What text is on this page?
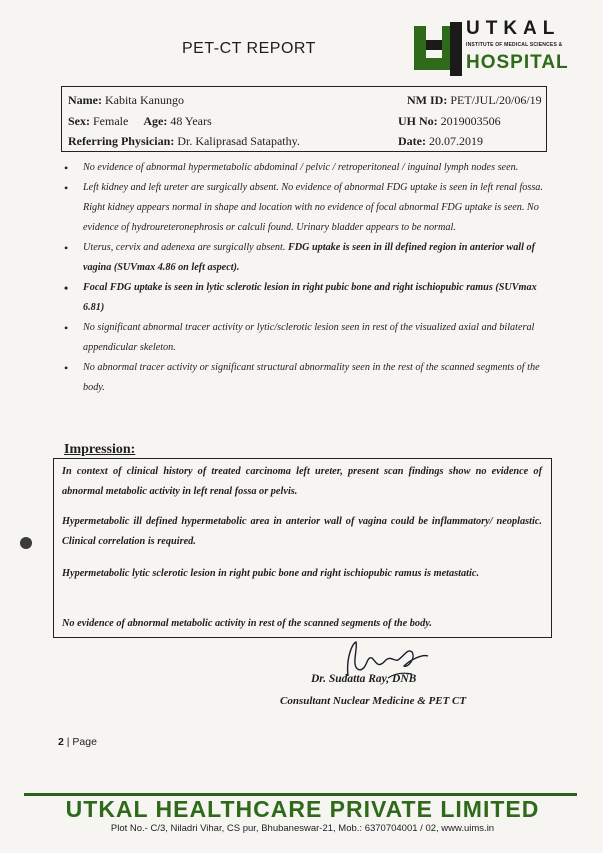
PET-CT REPORT
UTKAL
INSTITUTE OF MEDICAL SCIENCES &
HOSPITAL
Name: Kabita Kanungo	NM ID: PET/JUL/20/06/19
Sex: Female Age: 48 Years	UH No: 2019003506
Referring Physician: Dr. Kaliprasad Satapathy.	Date: 20.07.2019
• No evidence of abnormal hypermetabolic abdominal / pelvic / retroperitoneal / inguinal lymph nodes seen.
• Left kidney and left ureter are surgically absent. No evidence of abnormal FDG uptake is seen in left renal fossa. Right kidney appears normal in shape and location with no evidence of focal abnormal FDG uptake is seen. No evidence of hydroureteronephrosis or calculi found. Urinary bladder appears to be normal.
• Uterus, cervix and adenexa are surgically absent. FDG uptake is seen in ill defined region in anterior wall of vagina (SUVmax 4.86 on left aspect).
• Focal FDG uptake is seen in lytic sclerotic lesion in right pubic bone and right ischiopubic ramus (SUVmax 6.81)
• No significant abnormal tracer activity or lytic/sclerotic lesion seen in rest of the visualized axial and bilateral appendicular skeleton.
• No abnormal tracer activity or significant structural abnormality seen in the rest of the scanned segments of the body.
Impression:

In context of clinical history of treated carcinoma left ureter, present scan findings show no evidence of abnormal metabolic activity in left renal fossa or pelvis.

Hypermetabolic ill defined hypermetabolic area in anterior wall of vagina could be inflammatory/ neoplastic. Clinical correlation is required.

Hypermetabolic lytic sclerotic lesion in right pubic bone and right ischiopubic ramus is metastatic.

No evidence of abnormal metabolic activity in rest of the scanned segments of the body.

Dr. Sudatta Ray, DNB
Consultant Nuclear Medicine & PET CT
2 | Page
UTKAL HEALTHCARE PRIVATE LIMITED
Plot No.- C/3, Niladri Vihar, CS pur, Bhubaneswar-21, Mob.: 6370704001 / 02, www.uims.in
